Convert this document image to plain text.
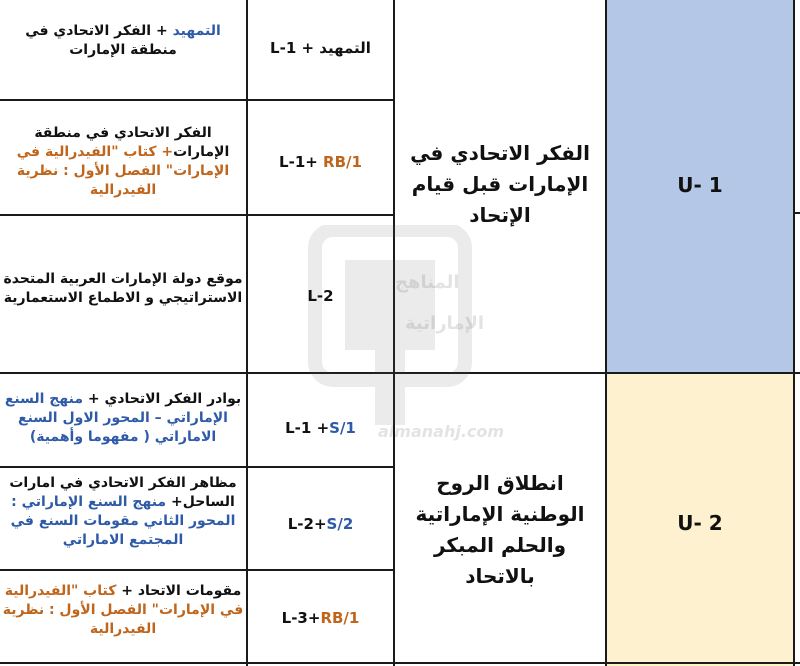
المناهج
الإماراتية
almanahj.com
التمهيد + الفكر الاتحادي في منطقة الإمارات
الفكر الاتحادي في منطقة الإمارات+ كتاب "الفيدرالية في الإمارات" الفصل الأول : نظرية الفيدرالية
موقع دولة الإمارات العربية المتحدة الاستراتيجي و الاطماع الاستعمارية
بوادر الفكر الاتحادي + منهج السنع الإماراتي – المحور الاول السنع الاماراتي ( مفهوما وأهمية)
مظاهر الفكر الاتحادي في امارات الساحل+ منهج السنع الإماراتي : المحور الثاني مقومات السنع في المجتمع الاماراتي
مقومات الاتحاد + كتاب "الفيدرالية في الإمارات" الفصل الأول : نظرية الفيدرالية
L-1 + التمهيد
L-1+ RB/1
L-2
L-1 +S/1
L-2+S/2
L-3+RB/1
الفكر الاتحادي في الإمارات قبل قيام الإتحاد
انطلاق الروح الوطنية الإماراتية والحلم المبكر بالاتحاد
U- 1
U- 2
